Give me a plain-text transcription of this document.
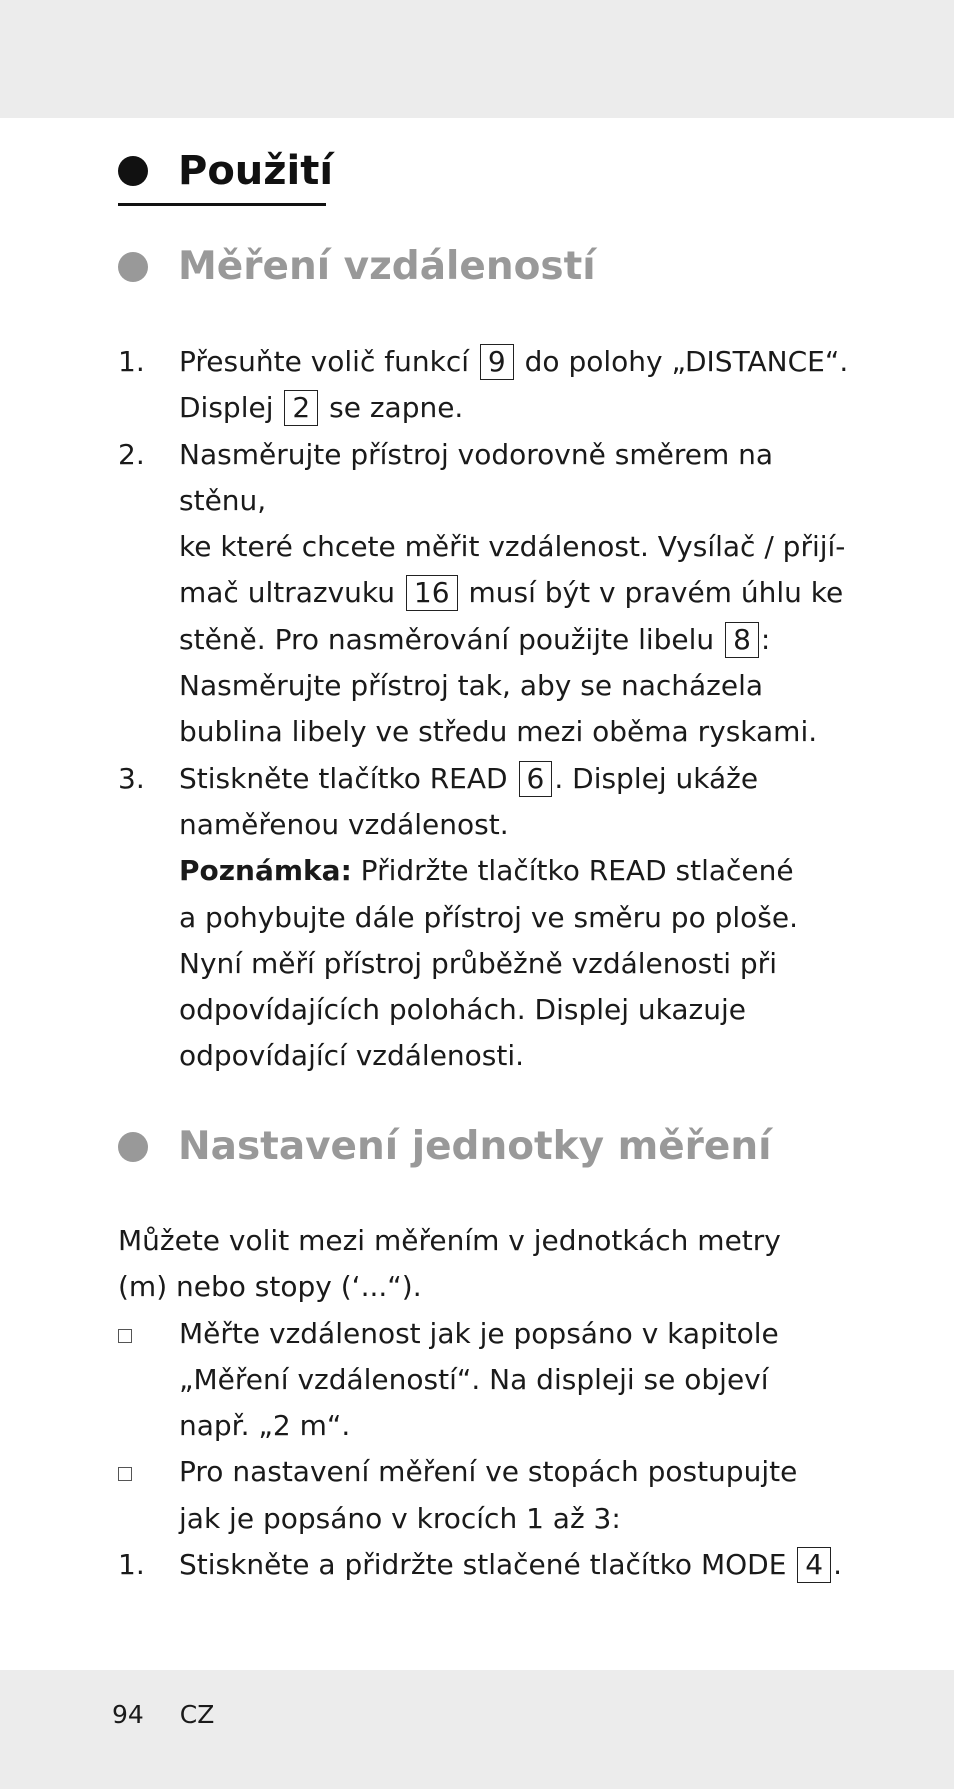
Použití
Měření vzdáleností
1.	Přesuňte volič funkcí 9 do polohy „DISTANCE“.
Displej 2 se zapne.
2.	Nasměrujte přístroj vodorovně směrem na stěnu,
ke které chcete měřit vzdálenost. Vysílač / přijí-
mač ultrazvuku 16 musí být v pravém úhlu ke
stěně. Pro nasměrování použijte libelu 8 :
Nasměrujte přístroj tak, aby se nacházela
bublina libely ve středu mezi oběma ryskami.
3.	Stiskněte tlačítko READ 6 . Displej ukáže
naměřenou vzdálenost.
Poznámka: Přidržte tlačítko READ stlačené
a pohybujte dále přístroj ve směru po ploše.
Nyní měří přístroj průběžně vzdálenosti při
odpovídajících polohách. Displej ukazuje
odpovídající vzdálenosti.
Nastavení jednotky měření
Můžete volit mezi měřením v jednotkách metry
(m) nebo stopy (‘...“).
Měřte vzdálenost jak je popsáno v kapitole
„Měření vzdáleností“. Na displeji se objeví
např. „2 m“.
Pro nastavení měření ve stopách postupujte
jak je popsáno v krocích 1 až 3:
1.	Stiskněte a přidržte stlačené tlačítko MODE 4 .
94 CZ
